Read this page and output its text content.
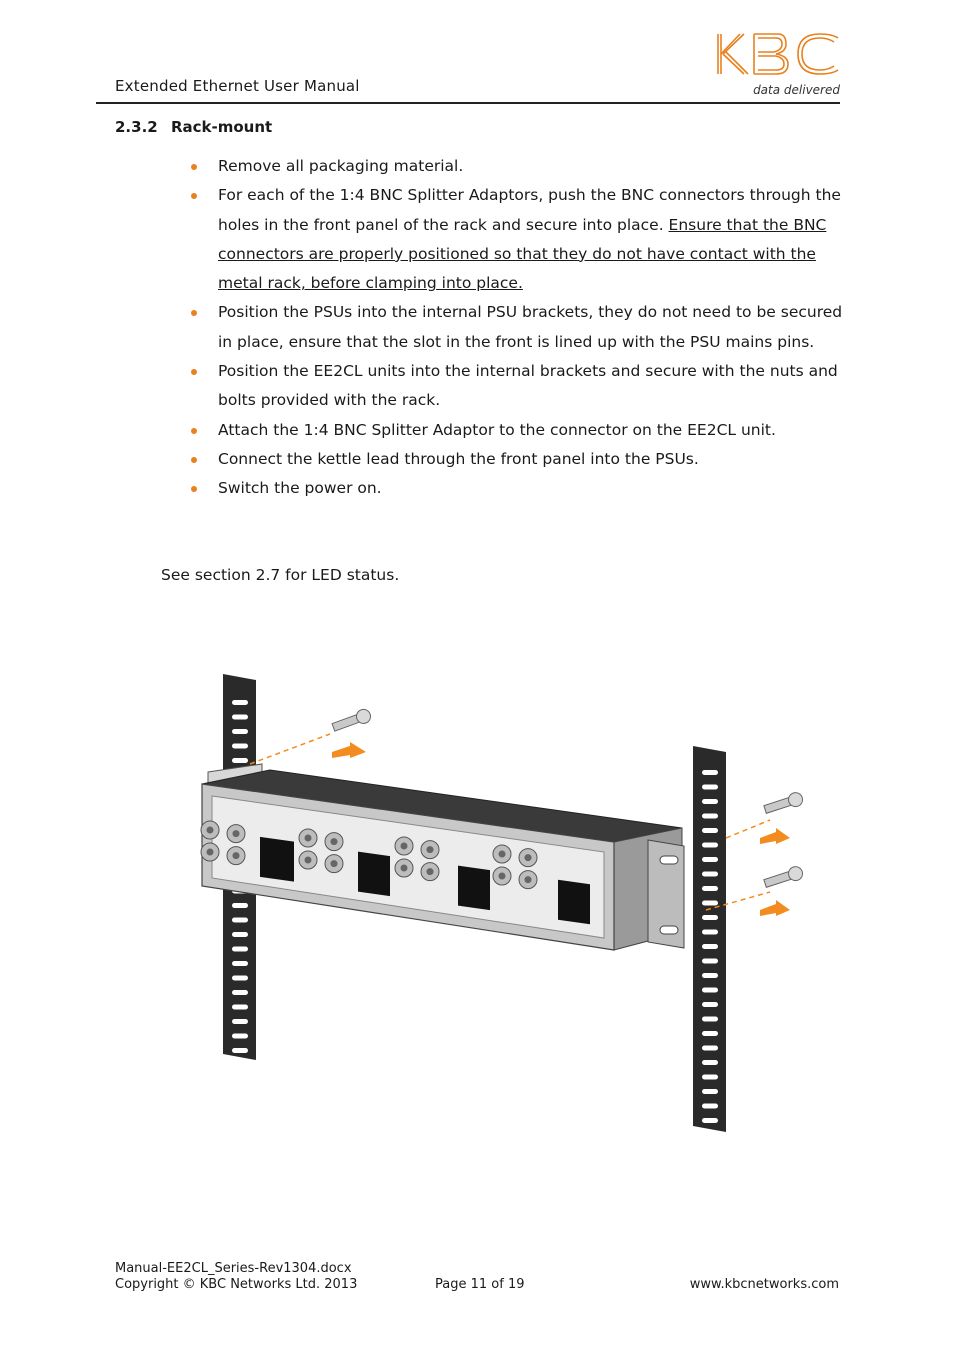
Extended Ethernet User Manual	data delivered
2.3.2 Rack-mount
Remove all packaging material.
For each of the 1:4 BNC Splitter Adaptors, push the BNC connectors through the holes in the front panel of the rack and secure into place. Ensure that the BNC connectors are properly positioned so that they do not have contact with the metal rack, before clamping into place.
Position the PSUs into the internal PSU brackets, they do not need to be secured in place, ensure that the slot in the front is lined up with the PSU mains pins.
Position the EE2CL units into the internal brackets and secure with the nuts and bolts provided with the rack.
Attach the 1:4 BNC Splitter Adaptor to the connector on the EE2CL unit.
Connect the kettle lead through the front panel into the PSUs.
Switch the power on.
See section 2.7 for LED status.
Manual-EE2CL_Series-Rev1304.docx
Copyright © KBC Networks Ltd. 2013	Page 11 of 19	www.kbcnetworks.com
